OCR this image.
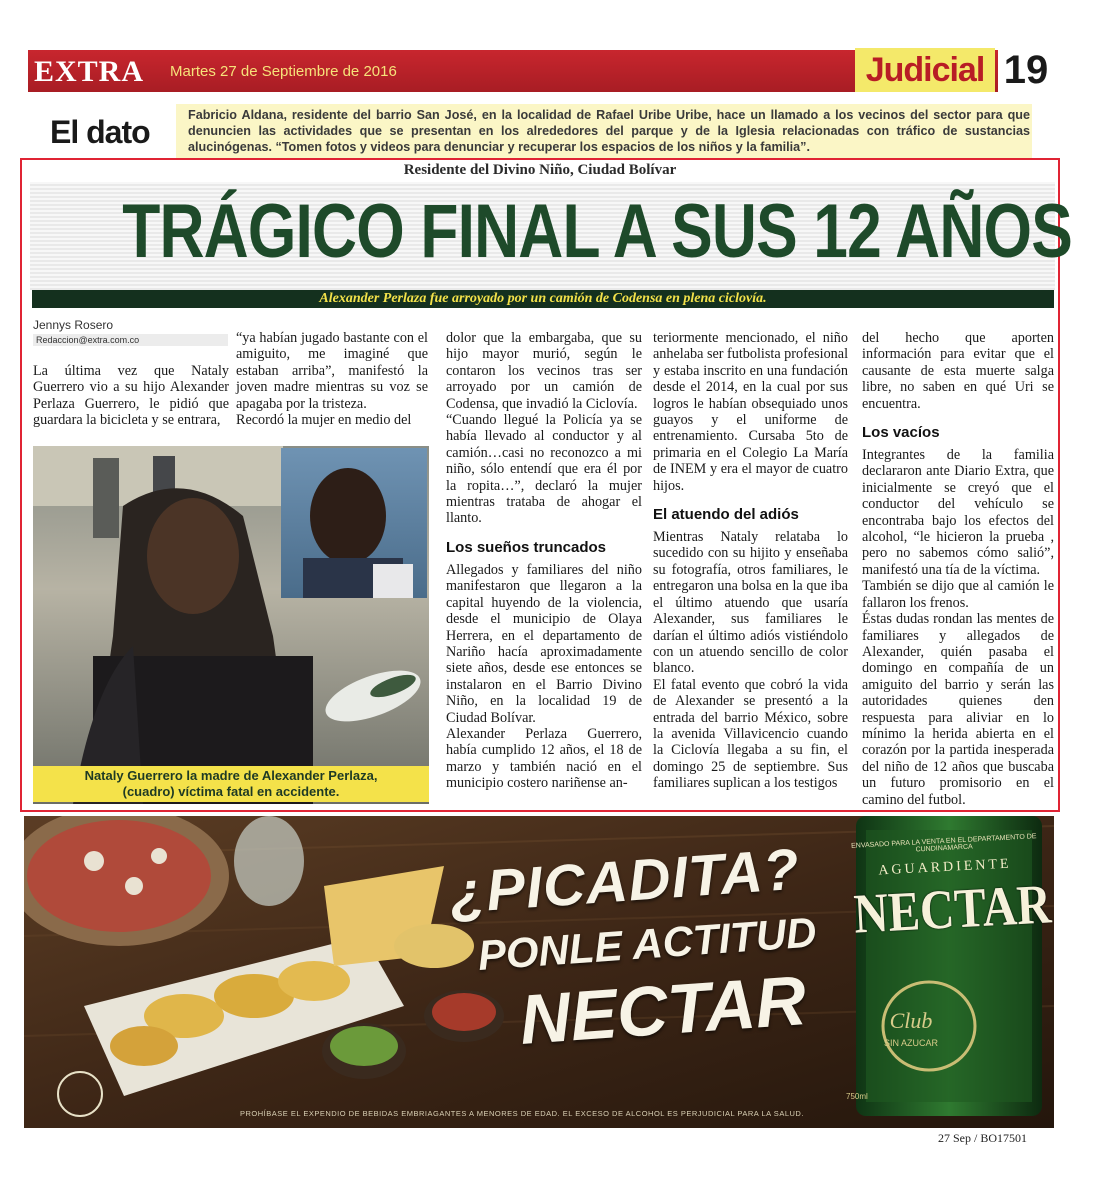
EXTRA Martes 27 de Septiembre de 2016	Judicial 19
El dato	Fabricio Aldana, residente del barrio San José, en la localidad de Rafael Uribe Uribe, hace un llamado a los vecinos del sector para que denuncien las actividades que se presentan en los alrededores del parque y de la Iglesia relacionadas con tráfico de sustancias alucinógenas. “Tomen fotos y videos para denunciar y recuperar los espacios de los niños y la familia”.
Residente del Divino Niño, Ciudad Bolívar
TRÁGICO FINAL A SUS 12 AÑOS
Alexander Perlaza fue arroyado por un camión de Codensa en plena ciclovía.
Jennys Rosero
Redaccion@extra.com.co

La última vez que Nataly Guerrero vio a su hijo Alexander Perlaza Guerrero, le pidió que guardara la bicicleta y se entrara,

“ya habían jugado bastante con el amiguito, me imaginé que estaban arriba”, manifestó la joven madre mientras su voz se apagaba por la tristeza.

Recordó la mujer en medio del

Nataly Guerrero la madre de Alexander Perlaza,
(cuadro) víctima fatal en accidente.

dolor que la embargaba, que su hijo mayor murió, según le contaron los vecinos tras ser arroyado por un camión de Codensa, que invadió la Ciclovía.

“Cuando llegué la Policía ya se había llevado al conductor y al camión…casi no reconozco a mi niño, sólo entendí que era él por la ropita…”, declaró la mujer mientras trataba de ahogar el llanto.

Los sueños truncados

Allegados y familiares del niño manifestaron que llegaron a la capital huyendo de la violencia, desde el municipio de Olaya Herrera, en el departamento de Nariño hacía aproximadamente siete años, desde ese entonces se instalaron en el Barrio Divino Niño, en la localidad 19 de Ciudad Bolívar.

Alexander Perlaza Guerrero, había cumplido 12 años, el 18 de marzo y también nació en el municipio costero nariñense an-

teriormente mencionado, el niño anhelaba ser futbolista profesional y estaba inscrito en una fundación desde el 2014, en la cual por sus logros le habían obsequiado unos guayos y el uniforme de entrenamiento. Cursaba 5to de primaria en el Colegio La María de INEM y era el mayor de cuatro hijos.

El atuendo del adiós

Mientras Nataly relataba lo sucedido con su hijito y enseñaba su fotografía, otros familiares, le entregaron una bolsa en la que iba el último atuendo que usaría Alexander, sus familiares le darían el último adiós vistiéndolo con un atuendo sencillo de color blanco.

El fatal evento que cobró la vida de Alexander se presentó a la entrada del barrio México, sobre la avenida Villavicencio cuando la Ciclovía llegaba a su fin, el domingo 25 de septiembre. Sus familiares suplican a los testigos

del hecho que aporten información para evitar que el causante de esta muerte salga libre, no saben en qué Uri se encuentra.

Los vacíos

Integrantes de la familia declararon ante Diario Extra, que inicialmente se creyó que el conductor del vehículo se encontraba bajo los efectos del alcohol, “le hicieron la prueba , pero no sabemos cómo salió”, manifestó una tía de la víctima.

También se dijo que al camión le fallaron los frenos.

Éstas dudas rondan las mentes de familiares y allegados de Alexander, quién pasaba el domingo en compañía de un amiguito del barrio y serán las autoridades quienes den respuesta para aliviar en lo mínimo la herida abierta en el corazón por la partida inesperada del niño de 12 años que buscaba un futuro promisorio en el camino del futbol.

¿PICADITA?
PONLE ACTITUD
NECTAR
ENVASADO PARA LA VENTA EN EL DEPARTAMENTO DE CUNDINAMARCA
AGUARDIENTE
NECTAR
Club
SIN AZUCAR
750ml
PROHÍBASE EL EXPENDIO DE BEBIDAS EMBRIAGANTES A MENORES DE EDAD. EL EXCESO DE ALCOHOL ES PERJUDICIAL PARA LA SALUD.
27 Sep / BO17501
